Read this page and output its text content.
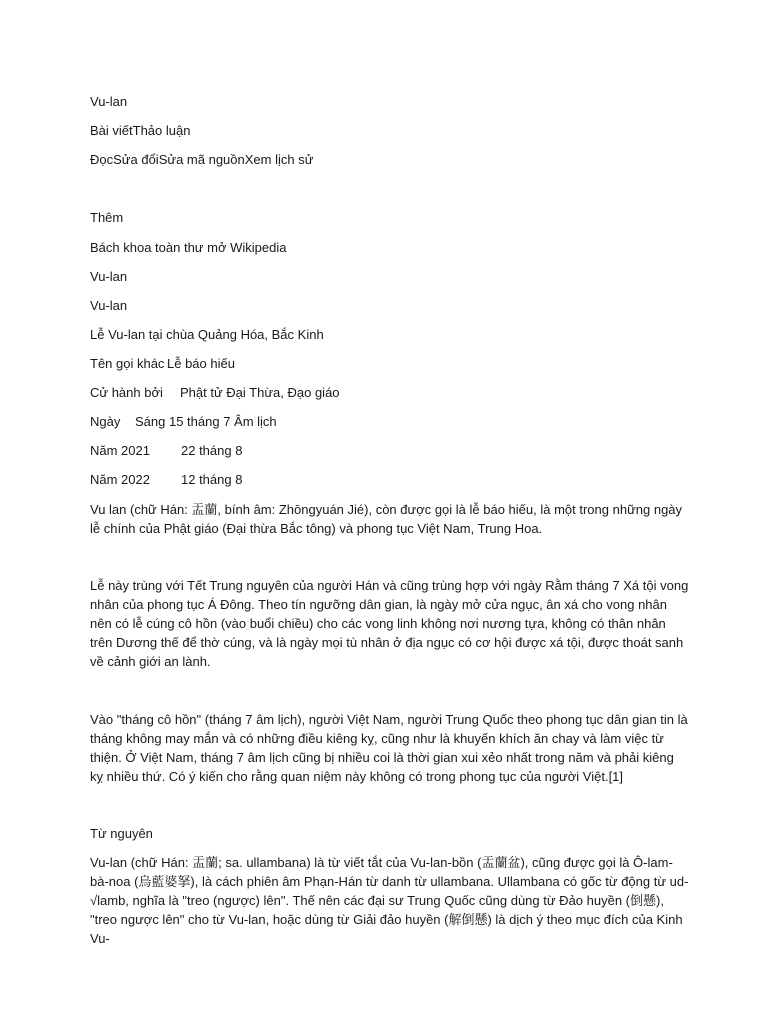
Vu-lan
Bài viếtThảo luận
ĐọcSửa đổiSửa mã nguồnXem lịch sử
Thêm
Bách khoa toàn thư mở Wikipedia
Vu-lan
Vu-lan
Lễ Vu-lan tại chùa Quảng Hóa, Bắc Kinh
Tên gọi khác Lễ báo hiếu
Cử hành bởi Phật tử Đại Thừa, Đạo giáo
Ngày Sáng 15 tháng 7 Âm lịch
Năm 2021 22 tháng 8
Năm 2022 12 tháng 8

Vu lan (chữ Hán: 盂蘭, bính âm: Zhōngyuán Jié), còn được gọi là lễ báo hiếu, là một trong những ngày lễ chính của Phật giáo (Đại thừa Bắc tông) và phong tục Việt Nam, Trung Hoa.

Lễ này trùng với Tết Trung nguyên của người Hán và cũng trùng hợp với ngày Rằm tháng 7 Xá tội vong nhân của phong tục Á Đông. Theo tín ngưỡng dân gian, là ngày mở cửa ngục, ân xá cho vong nhân nên có lễ cúng cô hồn (vào buổi chiều) cho các vong linh không nơi nương tựa, không có thân nhân trên Dương thế để thờ cúng, và là ngày mọi tù nhân ở địa ngục có cơ hội được xá tội, được thoát sanh về cảnh giới an lành.

Vào "tháng cô hồn" (tháng 7 âm lịch), người Việt Nam, người Trung Quốc theo phong tục dân gian tin là tháng không may mắn và có những điều kiêng kỵ, cũng như là khuyến khích ăn chay và làm việc từ thiện. Ở Việt Nam, tháng 7 âm lịch cũng bị nhiều coi là thời gian xui xẻo nhất trong năm và phải kiêng kỵ nhiều thứ. Có ý kiến cho rằng quan niệm này không có trong phong tục của người Việt.[1]

Từ nguyên

Vu-lan (chữ Hán: 盂蘭; sa. ullambana) là từ viết tắt của Vu-lan-bồn (盂蘭盆), cũng được gọi là Ô-lam-bà-noa (烏藍婆拏), là cách phiên âm Phạn-Hán từ danh từ ullambana. Ullambana có gốc từ động từ ud-√lamb, nghĩa là "treo (ngược) lên". Thế nên các đại sư Trung Quốc cũng dùng từ Đảo huyền (倒懸), "treo ngược lên" cho từ Vu-lan, hoặc dùng từ Giải đảo huyền (解倒懸) là dịch ý theo mục đích của Kinh Vu-
